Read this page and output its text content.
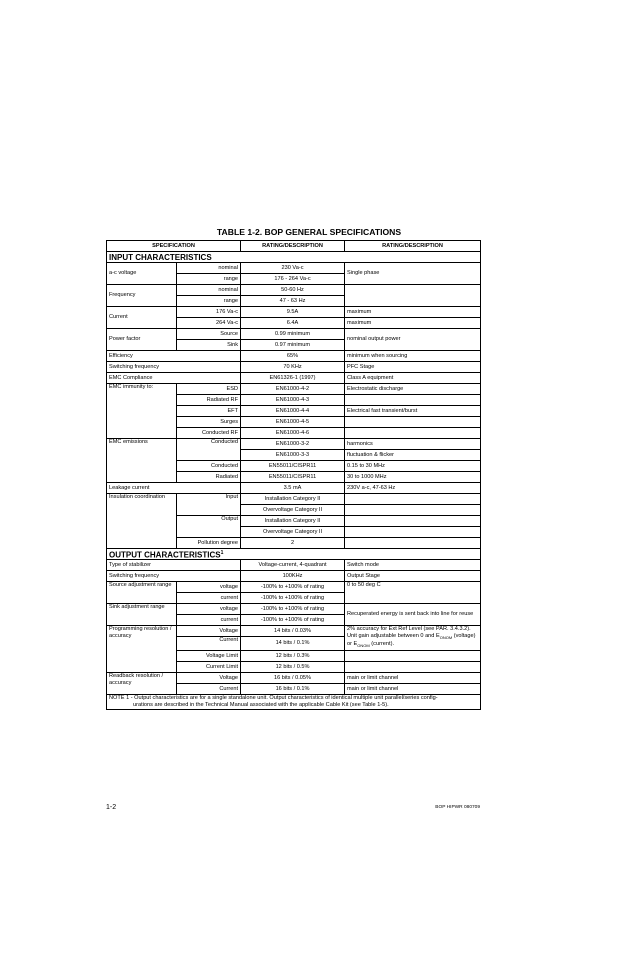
TABLE 1-2. BOP GENERAL SPECIFICATIONS
SPECIFICATION		RATING/DESCRIPTION	RATING/DESCRIPTION
INPUT CHARACTERISTICS			
a-c voltage	nominal	230 Va-c	Single phase
	range	176 - 264 Va-c	
Frequency	nominal	50-60 Hz	
	range	47 - 63 Hz	
Current	176 Va-c	9.5A	maximum
	264 Va-c	6.4A	maximum
Power factor	Source	0.99 minimum	nominal output power
	Sink	0.97 minimum	
Efficiency		65%	minimum when sourcing
Switching frequency		70 KHz	PFC Stage
EMC Compliance		EN61326-1 (1997)	Class A equipment
EMC immunity to:	ESD	EN61000-4-2	Electrostatic discharge
	Radiated RF	EN61000-4-3	
	EFT	EN61000-4-4	Electrical fast transient/burst
	Surges	EN61000-4-5	
	Conducted RF	EN61000-4-6	
EMC emissions	Conducted	EN61000-3-2	harmonics
		EN61000-3-3	fluctuation & flicker
	Conducted	EN55011/CISPR11	0.15 to 30 MHz
	Radiated	EN55011/CISPR11	30 to 1000 MHz
Leakage current		3.5 mA	230V a-c, 47-63 Hz
Insulation coordination	Input	Installation Category II	
		Overvoltage Category II	
	Output	Installation Category II	
		Overvoltage Category II	
	Pollution degree	2	
OUTPUT CHARACTERISTICS$^1$
Type of stabilizer		Voltage-current, 4-quadrant	Switch mode
Switching frequency		100KHz	Output Stage
Source adjustment range	voltage	-100% to +100% of rating	0 to 50 deg C
	current	-100% to +100% of rating	
Sink adjustment range	voltage	-100% to +100% of rating	Recuperated energy is sent back into line for reuse
	current	-100% to +100% of rating	
Programming resolution / accuracy	Voltage	14 bits / 0.03%	2% accuracy for Ext Ref Level (see PAR. 3.4.3.2). Unit gain adjustable between 0 and $E_{ONOM}$ (voltage) or $E_{ONOM}$ (current).
	Current	14 bits / 0.1%	
	Voltage Limit	12 bits / 0.3%	
	Current Limit	12 bits / 0.5%	
Readback resolution / accuracy	Voltage	16 bits / 0.05%	main or limit channel
	Current	16 bits / 0.1%	main or limit channel
NOTE 1 - Output characteristics are for a single standalone unit. Output characteristics of identical multiple unit parallel/series config-
urations are described in the Technical Manual associated with the applicable Cable Kit (see Table 1-5).			
1-2	BOP HIPWR 080709
